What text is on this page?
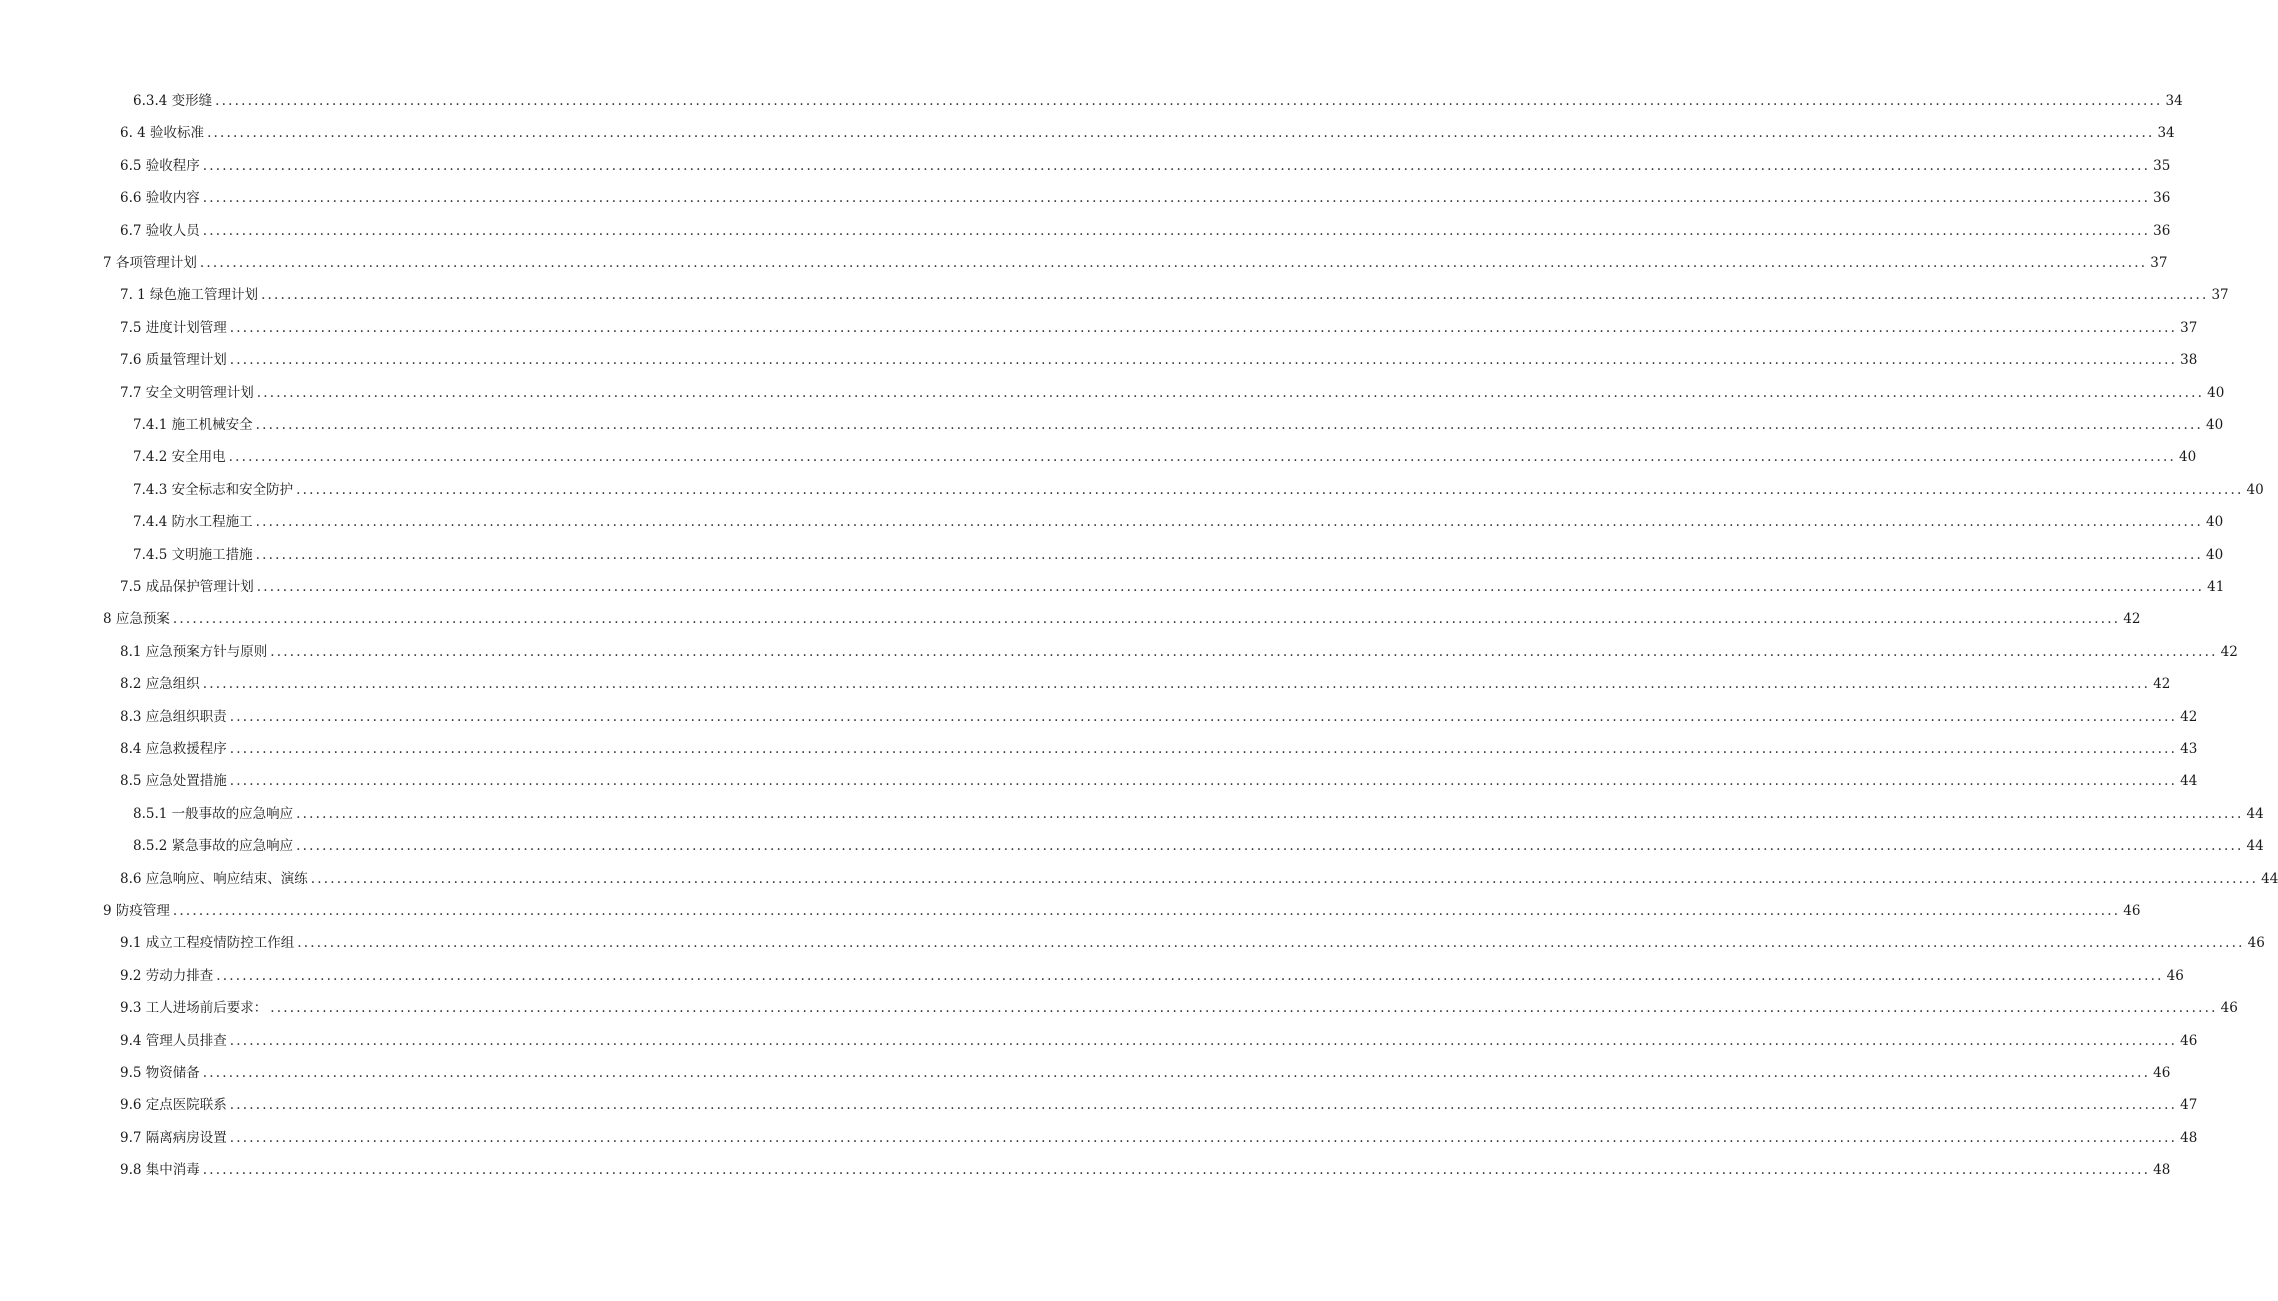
6.3.4 变形缝 ............................................................................................................................................................................................................................................................................................................ 34
6. 4 验收标准 ............................................................................................................................................................................................................................................................................................................ 34
6.5 验收程序 ............................................................................................................................................................................................................................................................................................................ 35
6.6 验收内容 ............................................................................................................................................................................................................................................................................................................ 36
6.7 验收人员 ............................................................................................................................................................................................................................................................................................................ 36
7 各项管理计划 ............................................................................................................................................................................................................................................................................................................ 37
7. 1 绿色施工管理计划 ............................................................................................................................................................................................................................................................................................................ 37
7.5 进度计划管理 ............................................................................................................................................................................................................................................................................................................ 37
7.6 质量管理计划 ............................................................................................................................................................................................................................................................................................................ 38
7.7 安全文明管理计划 ............................................................................................................................................................................................................................................................................................................ 40
7.4.1 施工机械安全 ............................................................................................................................................................................................................................................................................................................ 40
7.4.2 安全用电 ............................................................................................................................................................................................................................................................................................................ 40
7.4.3 安全标志和安全防护 ............................................................................................................................................................................................................................................................................................................ 40
7.4.4 防水工程施工 ............................................................................................................................................................................................................................................................................................................ 40
7.4.5 文明施工措施 ............................................................................................................................................................................................................................................................................................................ 40
7.5 成品保护管理计划 ............................................................................................................................................................................................................................................................................................................ 41
8 应急预案 ............................................................................................................................................................................................................................................................................................................ 42
8.1 应急预案方针与原则 ............................................................................................................................................................................................................................................................................................................ 42
8.2 应急组织 ............................................................................................................................................................................................................................................................................................................ 42
8.3 应急组织职责 ............................................................................................................................................................................................................................................................................................................ 42
8.4 应急救援程序 ............................................................................................................................................................................................................................................................................................................ 43
8.5 应急处置措施 ............................................................................................................................................................................................................................................................................................................ 44
8.5.1 一般事故的应急响应 ............................................................................................................................................................................................................................................................................................................ 44
8.5.2 紧急事故的应急响应 ............................................................................................................................................................................................................................................................................................................ 44
8.6 应急响应、响应结束、演练 ............................................................................................................................................................................................................................................................................................................ 44
9 防疫管理 ............................................................................................................................................................................................................................................................................................................ 46
9.1 成立工程疫情防控工作组 ............................................................................................................................................................................................................................................................................................................ 46
9.2 劳动力排查 ............................................................................................................................................................................................................................................................................................................ 46
9.3 工人进场前后要求： ............................................................................................................................................................................................................................................................................................................ 46
9.4 管理人员排查 ............................................................................................................................................................................................................................................................................................................ 46
9.5 物资储备 ............................................................................................................................................................................................................................................................................................................ 46
9.6 定点医院联系 ............................................................................................................................................................................................................................................................................................................ 47
9.7 隔离病房设置 ............................................................................................................................................................................................................................................................................................................ 48
9.8 集中消毒 ............................................................................................................................................................................................................................................................................................................ 48
